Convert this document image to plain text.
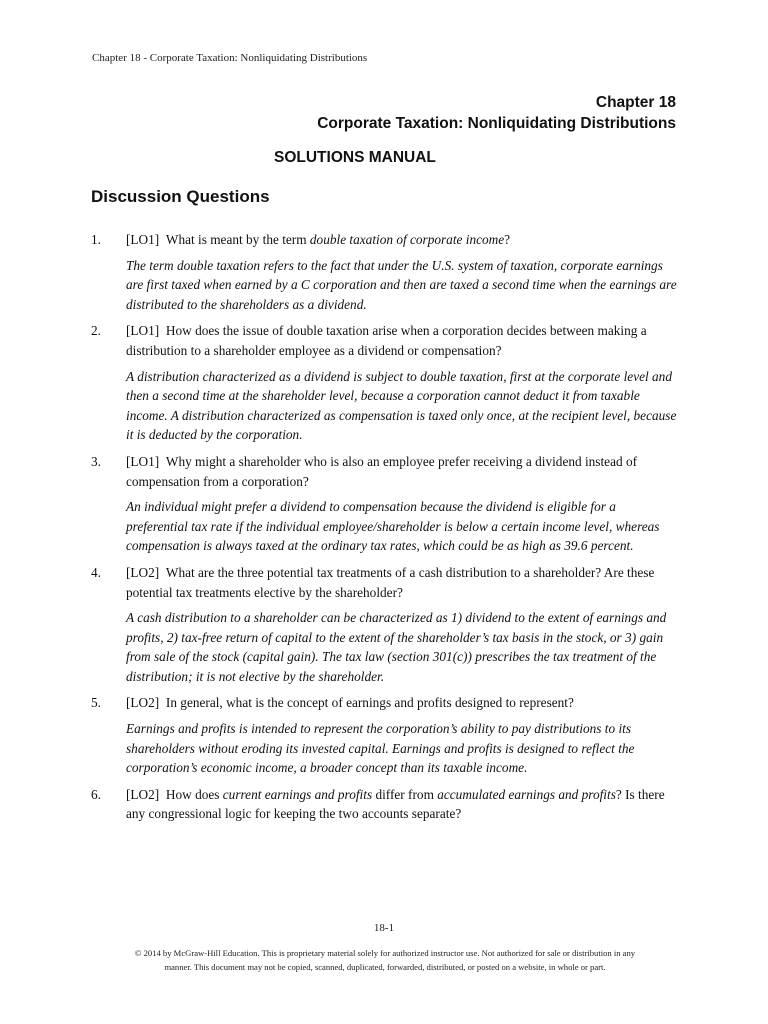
Chapter 18 - Corporate Taxation: Nonliquidating Distributions
Chapter 18
Corporate Taxation: Nonliquidating Distributions
SOLUTIONS MANUAL
Discussion Questions
1.	[LO1] What is meant by the term double taxation of corporate income?

The term double taxation refers to the fact that under the U.S. system of taxation, corporate earnings are first taxed when earned by a C corporation and then are taxed a second time when the earnings are distributed to the shareholders as a dividend.

2.	[LO1] How does the issue of double taxation arise when a corporation decides between making a distribution to a shareholder employee as a dividend or compensation?

A distribution characterized as a dividend is subject to double taxation, first at the corporate level and then a second time at the shareholder level, because a corporation cannot deduct it from taxable income. A distribution characterized as compensation is taxed only once, at the recipient level, because it is deducted by the corporation.

3.	[LO1] Why might a shareholder who is also an employee prefer receiving a dividend instead of compensation from a corporation?

An individual might prefer a dividend to compensation because the dividend is eligible for a preferential tax rate if the individual employee/shareholder is below a certain income level, whereas compensation is always taxed at the ordinary tax rates, which could be as high as 39.6 percent.

4.	[LO2] What are the three potential tax treatments of a cash distribution to a shareholder? Are these potential tax treatments elective by the shareholder?

A cash distribution to a shareholder can be characterized as 1) dividend to the extent of earnings and profits, 2) tax-free return of capital to the extent of the shareholder’s tax basis in the stock, or 3) gain from sale of the stock (capital gain). The tax law (section 301(c)) prescribes the tax treatment of the distribution; it is not elective by the shareholder.

5.	[LO2] In general, what is the concept of earnings and profits designed to represent?

Earnings and profits is intended to represent the corporation’s ability to pay distributions to its shareholders without eroding its invested capital. Earnings and profits is designed to reflect the corporation’s economic income, a broader concept than its taxable income.

6.	[LO2] How does current earnings and profits differ from accumulated earnings and profits? Is there any congressional logic for keeping the two accounts separate?
18-1
© 2014 by McGraw-Hill Education. This is proprietary material solely for authorized instructor use. Not authorized for sale or distribution in any
manner. This document may not be copied, scanned, duplicated, forwarded, distributed, or posted on a website, in whole or part.
